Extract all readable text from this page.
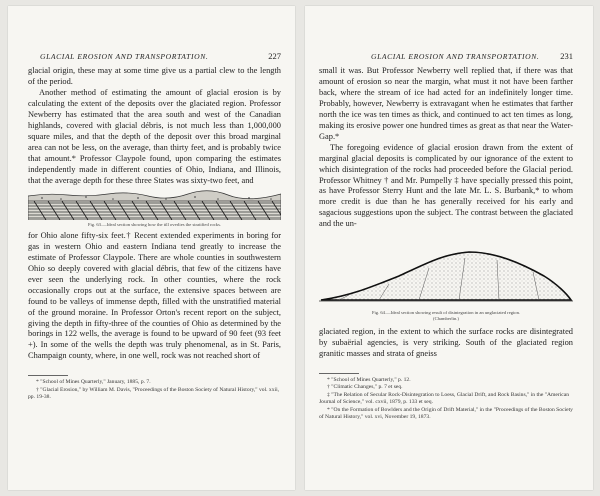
GLACIAL EROSION AND TRANSPORTATION.	227

glacial origin, these may at some time give us a partial clew to the length of the period.

Another method of estimating the amount of glacial erosion is by calculating the extent of the deposits over the glaciated region. Professor Newberry has estimated that the area south and west of the Canadian highlands, covered with glacial débris, is not much less than 1,000,000 square miles, and that the depth of the deposit over this broad marginal area can not be less, on the average, than thirty feet, and is probably twice that amount.* Professor Claypole found, upon comparing the estimates independently made in different counties of Ohio, Indiana, and Illinois, that the average depth for these three States was sixty-two feet, and

Fig. 63.—Ideal section showing how the till overlies the stratified rocks.

for Ohio alone fifty-six feet.† Recent extended experiments in boring for gas in western Ohio and eastern Indiana tend greatly to increase the estimate of Professor Claypole. There are whole counties in southwestern Ohio so deeply covered with glacial débris, that few of the citizens have ever seen the underlying rock. In other counties, where the rock occasionally crops out at the surface, the extensive spaces between are found to be valleys of immense depth, filled with the unstratified material of the ground moraine. In Professor Orton's recent report on the subject, giving the depth in fifty-three of the counties of Ohio as determined by the borings in 122 wells, the average is found to be upward of 90 feet (93 feet +). In some of the wells the depth was truly phenomenal, as in St. Paris, Champaign county, where, in one well, rock was not reached short of

* "School of Mines Quarterly," January, 1885, p. 7.

† "Glacial Erosion," by William M. Davis, "Proceedings of the Boston Society of Natural History," vol. xxii, pp. 19-38.

GLACIAL EROSION AND TRANSPORTATION. 231

small it was. But Professor Newberry well replied that, if there was that amount of erosion so near the margin, what must it not have been farther back, where the stream of ice had acted for an indefinitely longer time. Probably, however, Newberry is extravagant when he estimates that farther north the ice was ten times as thick, and continued to act ten times as long, making its erosive power one hundred times as great as that near the Water-Gap.*

The foregoing evidence of glacial erosion drawn from the extent of marginal glacial deposits is complicated by our ignorance of the extent to which disintegration of the rocks had proceeded before the Glacial period. Professor Whitney † and Mr. Pumpelly ‡ have specially pressed this point, as have Professor Sterry Hunt and the late Mr. L. S. Burbank,* to whom more credit is due than he has generally received for his early and sagacious suggestions upon the subject. The contrast between the glaciated and the un-

Fig. 64.—Ideal section showing result of disintegration in an unglaciated region.
(Chamberlin.)

glaciated region, in the extent to which the surface rocks are disintegrated by subaërial agencies, is very striking. South of the glaciated region granitic masses and strata of gneiss

* "School of Mines Quarterly," p. 12.

† "Climatic Changes," p. 7 et seq.

‡ "The Relation of Secular Rock-Disintegration to Loess, Glacial Drift, and Rock Basins," in the "American Journal of Science," vol. cxvii, 1879, p. 133 et seq.

* "On the Formation of Bowlders and the Origin of Drift Material," in the "Proceedings of the Boston Society of Natural History," vol. xvi, November 19, 1873.
